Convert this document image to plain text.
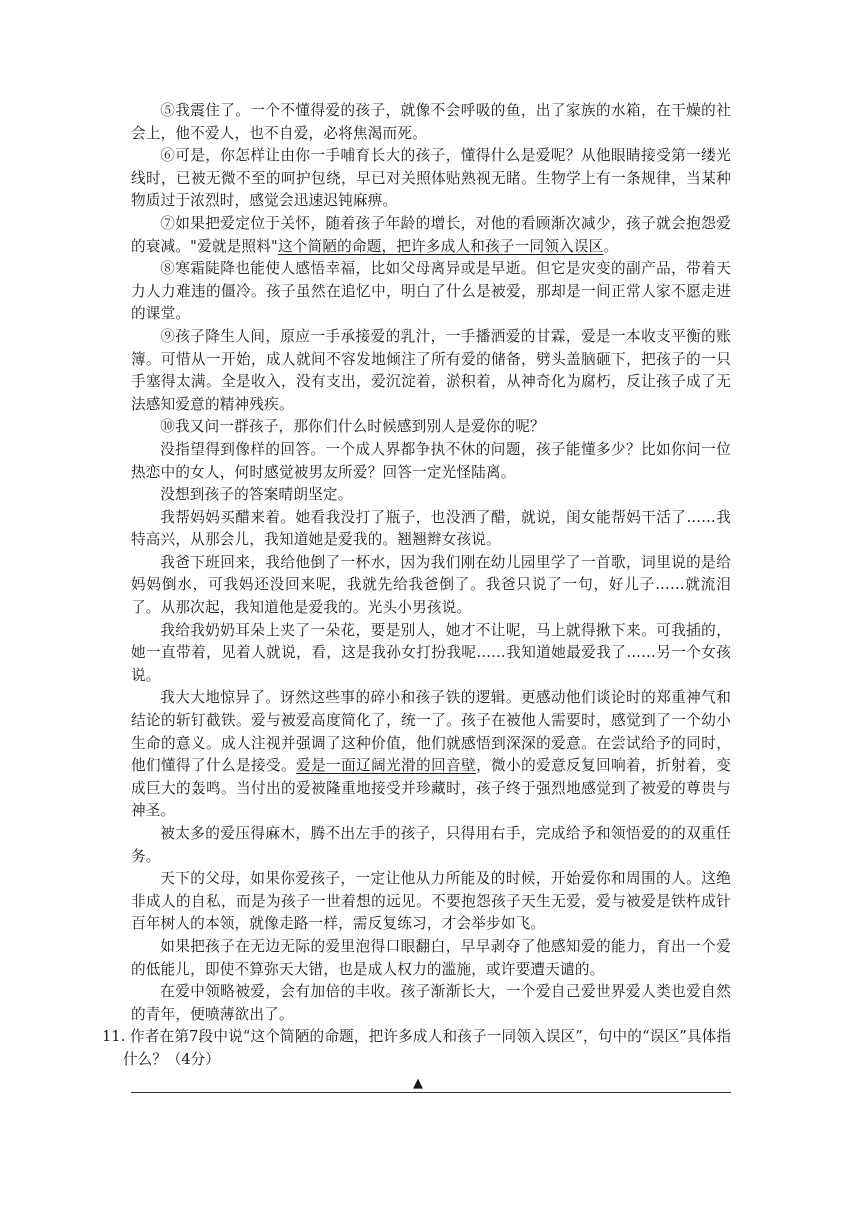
⑤我震住了。一个不懂得爱的孩子，就像不会呼吸的鱼，出了家族的水箱，在干燥的社会上，他不爱人，也不自爱，必将焦渴而死。

⑥可是，你怎样让由你一手哺育长大的孩子，懂得什么是爱呢？从他眼睛接受第一缕光线时，已被无微不至的呵护包绕，早已对关照体贴熟视无睹。生物学上有一条规律，当某种物质过于浓烈时，感觉会迅速迟钝麻痹。

⑦如果把爱定位于关怀，随着孩子年龄的增长，对他的看顾渐次减少，孩子就会抱怨爱的衰减。"爱就是照料"这个简陋的命题，把许多成人和孩子一同领入误区。

⑧寒霜陡降也能使人感悟幸福，比如父母离异或是早逝。但它是灾变的副产品，带着天力人力难违的僵冷。孩子虽然在追忆中，明白了什么是被爱，那却是一间正常人家不愿走进的课堂。

⑨孩子降生人间，原应一手承接爱的乳汁，一手播洒爱的甘霖，爱是一本收支平衡的账簿。可惜从一开始，成人就间不容发地倾注了所有爱的储备，劈头盖脑砸下，把孩子的一只手塞得太满。全是收入，没有支出，爱沉淀着，淤积着，从神奇化为腐朽，反让孩子成了无法感知爱意的精神残疾。

⑩我又问一群孩子，那你们什么时候感到别人是爱你的呢？

没指望得到像样的回答。一个成人界都争执不休的问题，孩子能懂多少？比如你问一位热恋中的女人，何时感觉被男友所爱？回答一定光怪陆离。

没想到孩子的答案晴朗坚定。

我帮妈妈买醋来着。她看我没打了瓶子，也没洒了醋，就说，闺女能帮妈干活了……我特高兴，从那会儿，我知道她是爱我的。翘翘辫女孩说。

我爸下班回来，我给他倒了一杯水，因为我们刚在幼儿园里学了一首歌，词里说的是给妈妈倒水，可我妈还没回来呢，我就先给我爸倒了。我爸只说了一句，好儿子……就流泪了。从那次起，我知道他是爱我的。光头小男孩说。

我给我奶奶耳朵上夹了一朵花，要是别人，她才不让呢，马上就得揪下来。可我插的，她一直带着，见着人就说，看，这是我孙女打扮我呢……我知道她最爱我了……另一个女孩说。

我大大地惊异了。讶然这些事的碎小和孩子铁的逻辑。更感动他们谈论时的郑重神气和结论的斩钉截铁。爱与被爱高度简化了，统一了。孩子在被他人需要时，感觉到了一个幼小生命的意义。成人注视并强调了这种价值，他们就感悟到深深的爱意。在尝试给予的同时，他们懂得了什么是接受。爱是一面辽阔光滑的回音壁，微小的爱意反复回响着，折射着，变成巨大的轰鸣。当付出的爱被隆重地接受并珍藏时，孩子终于强烈地感觉到了被爱的尊贵与神圣。

被太多的爱压得麻木，腾不出左手的孩子，只得用右手，完成给予和领悟爱的的双重任务。

天下的父母，如果你爱孩子，一定让他从力所能及的时候，开始爱你和周围的人。这绝非成人的自私，而是为孩子一世着想的远见。不要抱怨孩子天生无爱，爱与被爱是铁杵成针百年树人的本领，就像走路一样，需反复练习，才会举步如飞。

如果把孩子在无边无际的爱里泡得口眼翻白，早早剥夺了他感知爱的能力，育出一个爱的低能儿，即使不算弥天大错，也是成人权力的滥施，或许要遭天谴的。

在爱中领略被爱，会有加倍的丰收。孩子渐渐长大，一个爱自己爱世界爱人类也爱自然的青年，便喷薄欲出了。

11. 作者在第7段中说“这个简陋的命题，把许多成人和孩子一同领入误区”，句中的“误区”具体指什么？（4分）

▲
